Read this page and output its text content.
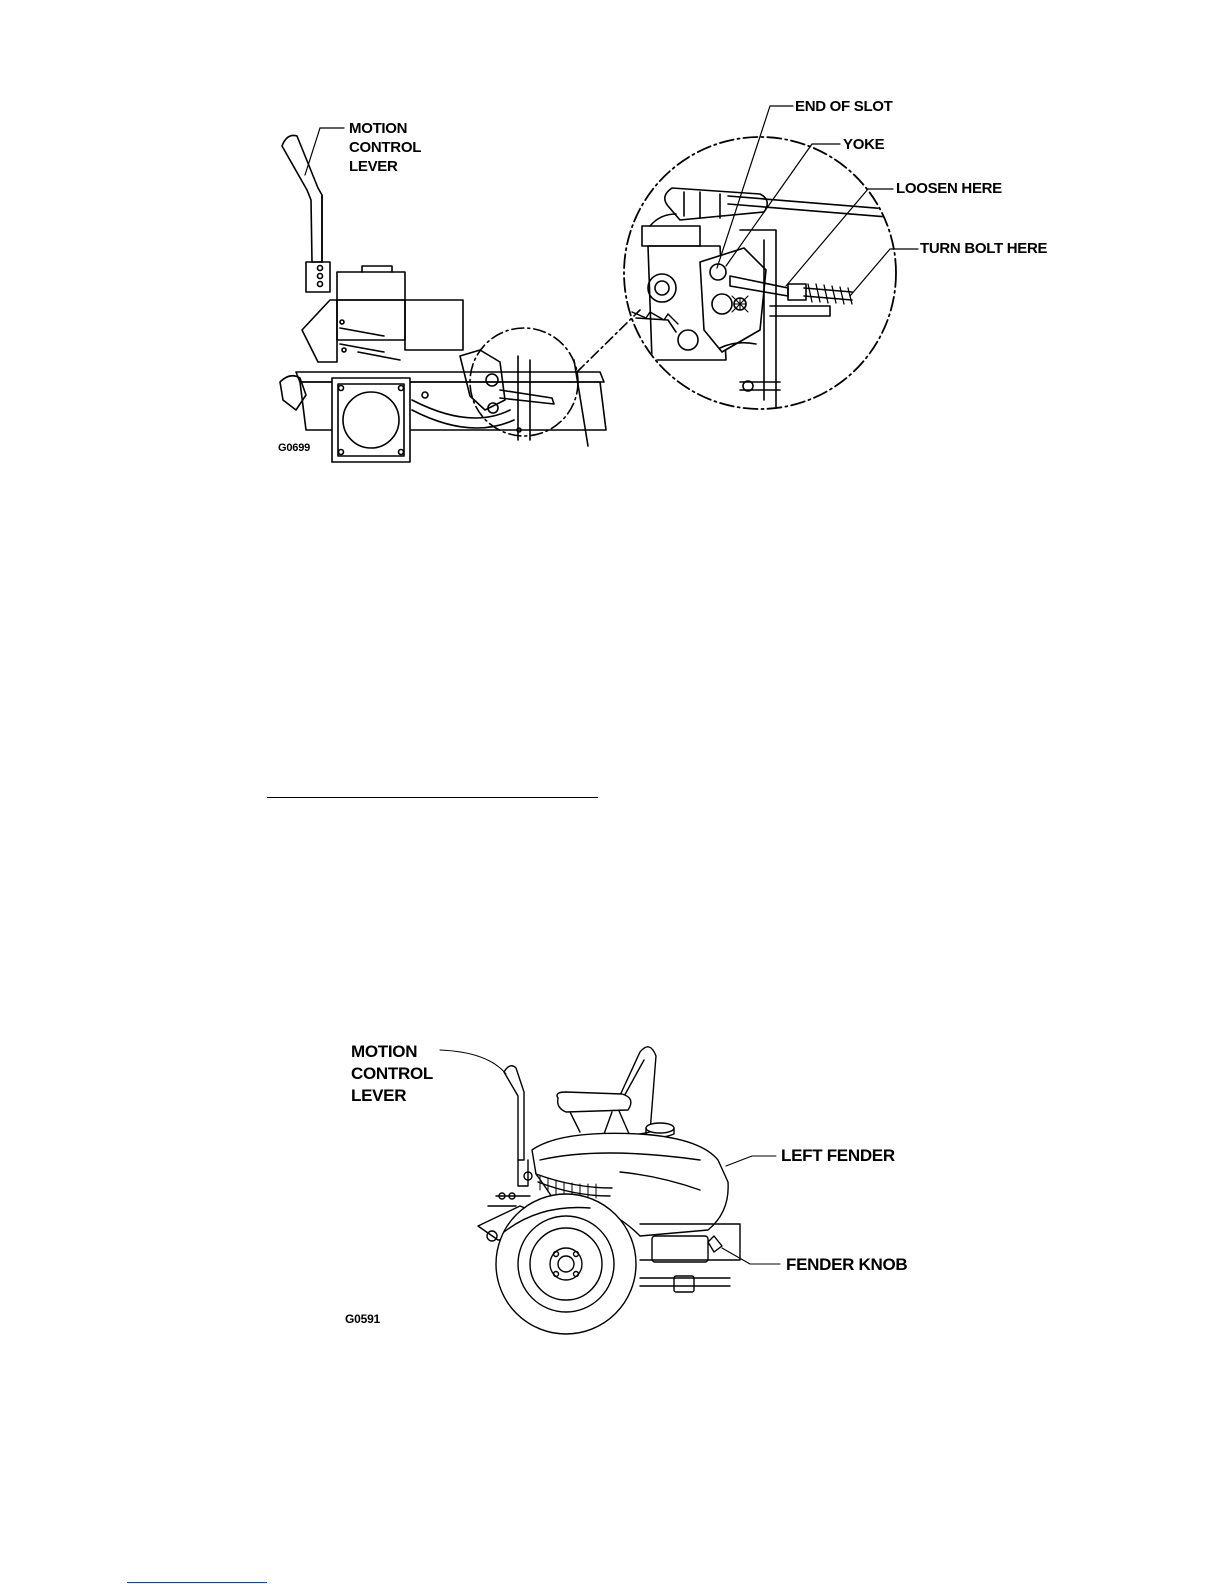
MOTION
CONTROL
LEVER
END OF SLOT
YOKE
LOOSEN HERE
TURN BOLT HERE
G0699
MOTION
CONTROL
LEVER
LEFT FENDER
FENDER KNOB
G0591
